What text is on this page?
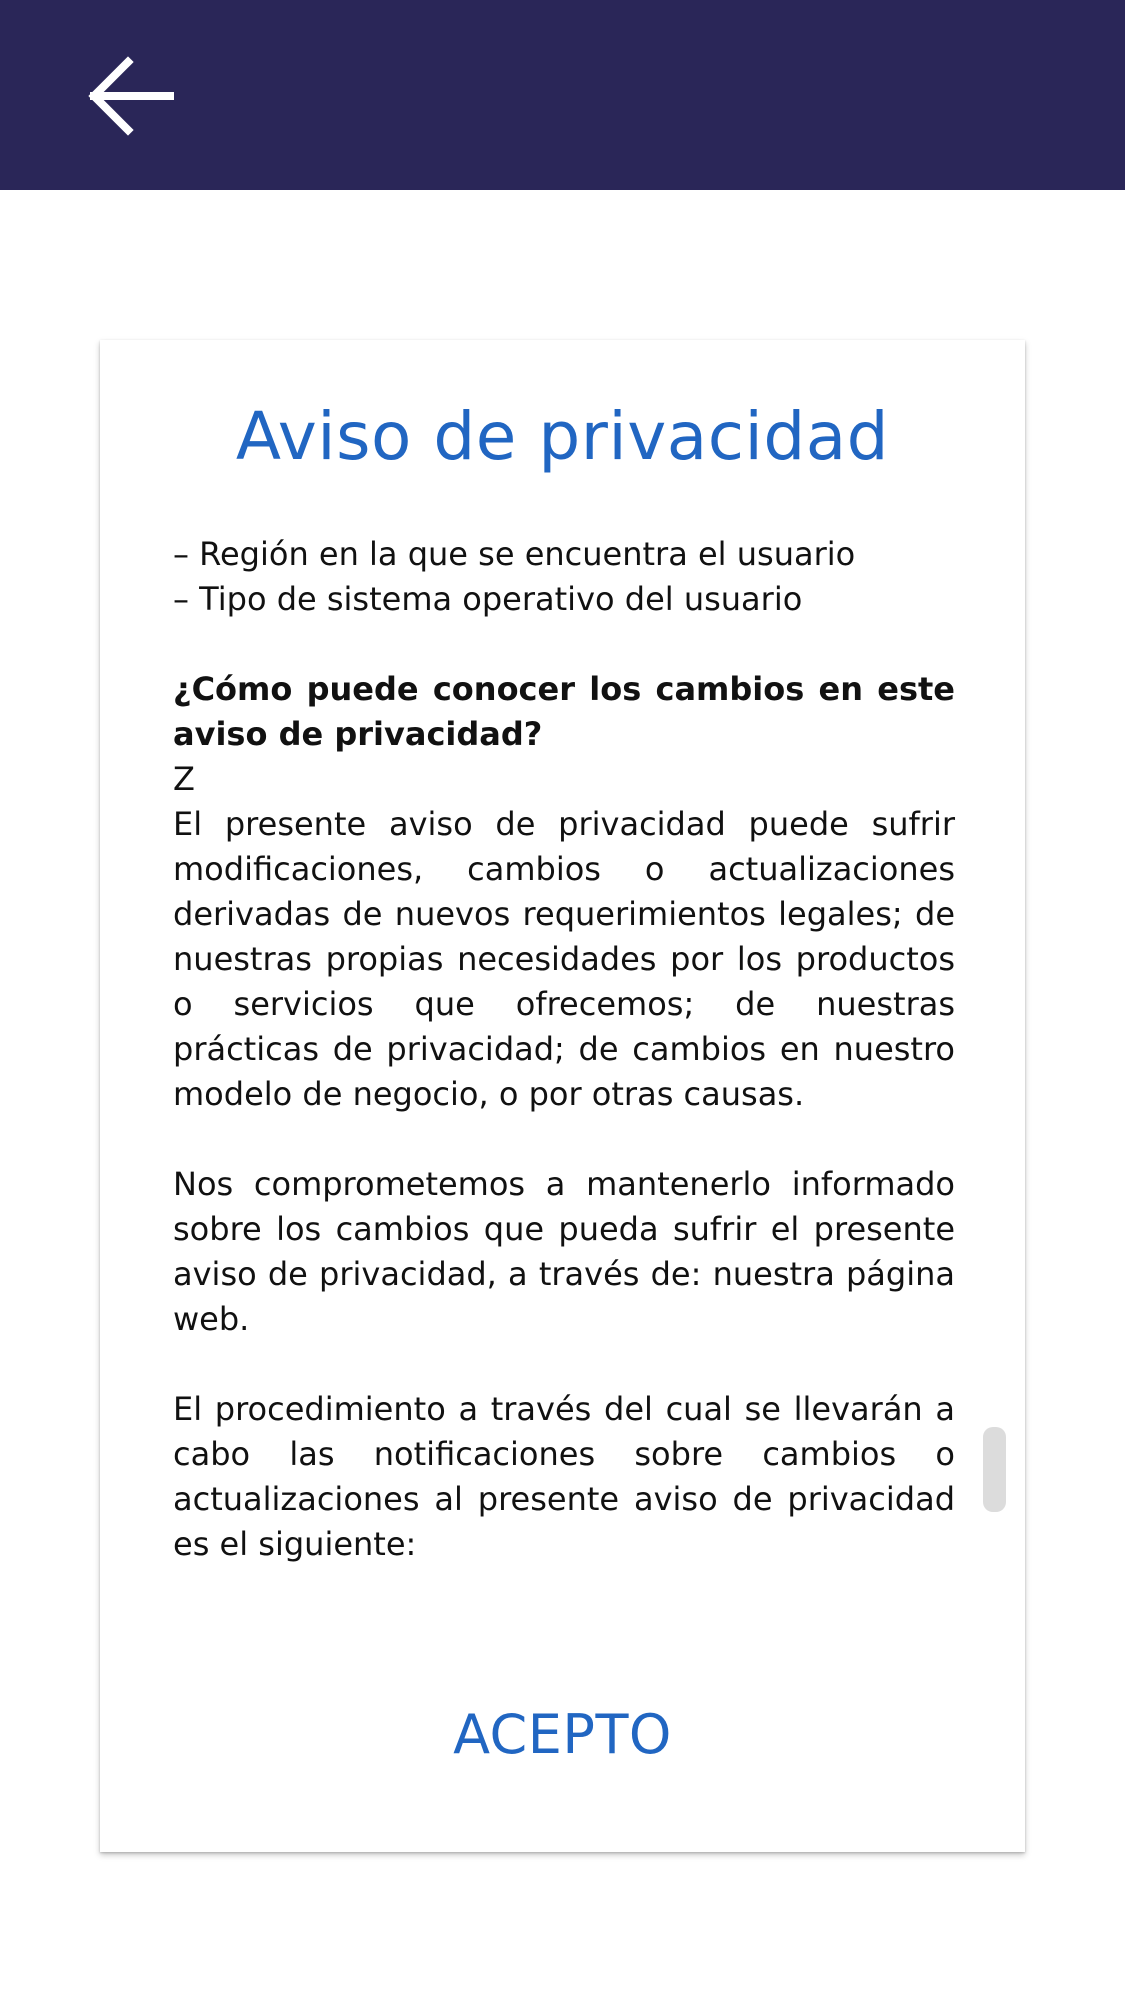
Aviso de privacidad

– Región en la que se encuentra el usuario

– Tipo de sistema operativo del usuario

¿Cómo puede conocer los cambios en este aviso de privacidad?

Z

El presente aviso de privacidad puede sufrir modificaciones, cambios o actualizaciones derivadas de nuevos requerimientos legales; de nuestras propias necesidades por los productos o servicios que ofrecemos; de nuestras prácticas de privacidad; de cambios en nuestro modelo de negocio, o por otras causas.

Nos comprometemos a mantenerlo informado sobre los cambios que pueda sufrir el presente aviso de privacidad, a través de: nuestra página web.

El procedimiento a través del cual se llevarán a cabo las notificaciones sobre cambios o actualizaciones al presente aviso de privacidad es el siguiente:

ACEPTO
